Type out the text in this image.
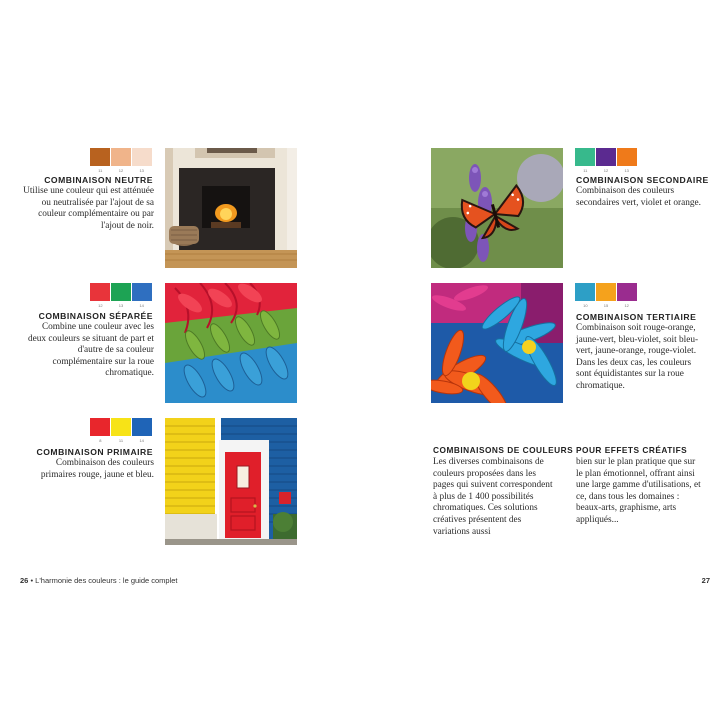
11	12	13
COMBINAISON NEUTRE
Utilise une couleur qui est atténuée ou neutralisée par l'ajout de sa couleur complémentaire ou par l'ajout de noir.
12	13	14
COMBINAISON SÉPARÉE
Combine une couleur avec les deux couleurs se situant de part et d'autre de sa couleur complémentaire sur la roue chromatique.
8	11	14
COMBINAISON PRIMAIRE
Combinaison des couleurs primaires rouge, jaune et bleu.
26 • L'harmonie des couleurs : le guide complet
11	12	13
COMBINAISON SECONDAIRE
Combinaison des couleurs secondaires vert, violet et orange.
10	15	12
COMBINAISON TERTIAIRE
Combinaison soit rouge-orange, jaune-vert, bleu-violet, soit bleu-vert, jaune-orange, rouge-violet. Dans les deux cas, les couleurs sont équidistantes sur la roue chromatique.
COMBINAISONS DE COULEURS POUR EFFETS CRÉATIFS
Les diverses combinaisons de couleurs proposées dans les pages qui suivent correspondent à plus de 1 400 possibilités chromatiques. Ces solutions créatives présentent des variations aussi
bien sur le plan pratique que sur le plan émotionnel, offrant ainsi une large gamme d'utilisations, et ce, dans tous les domaines : beaux-arts, graphisme, arts appliqués...
27
